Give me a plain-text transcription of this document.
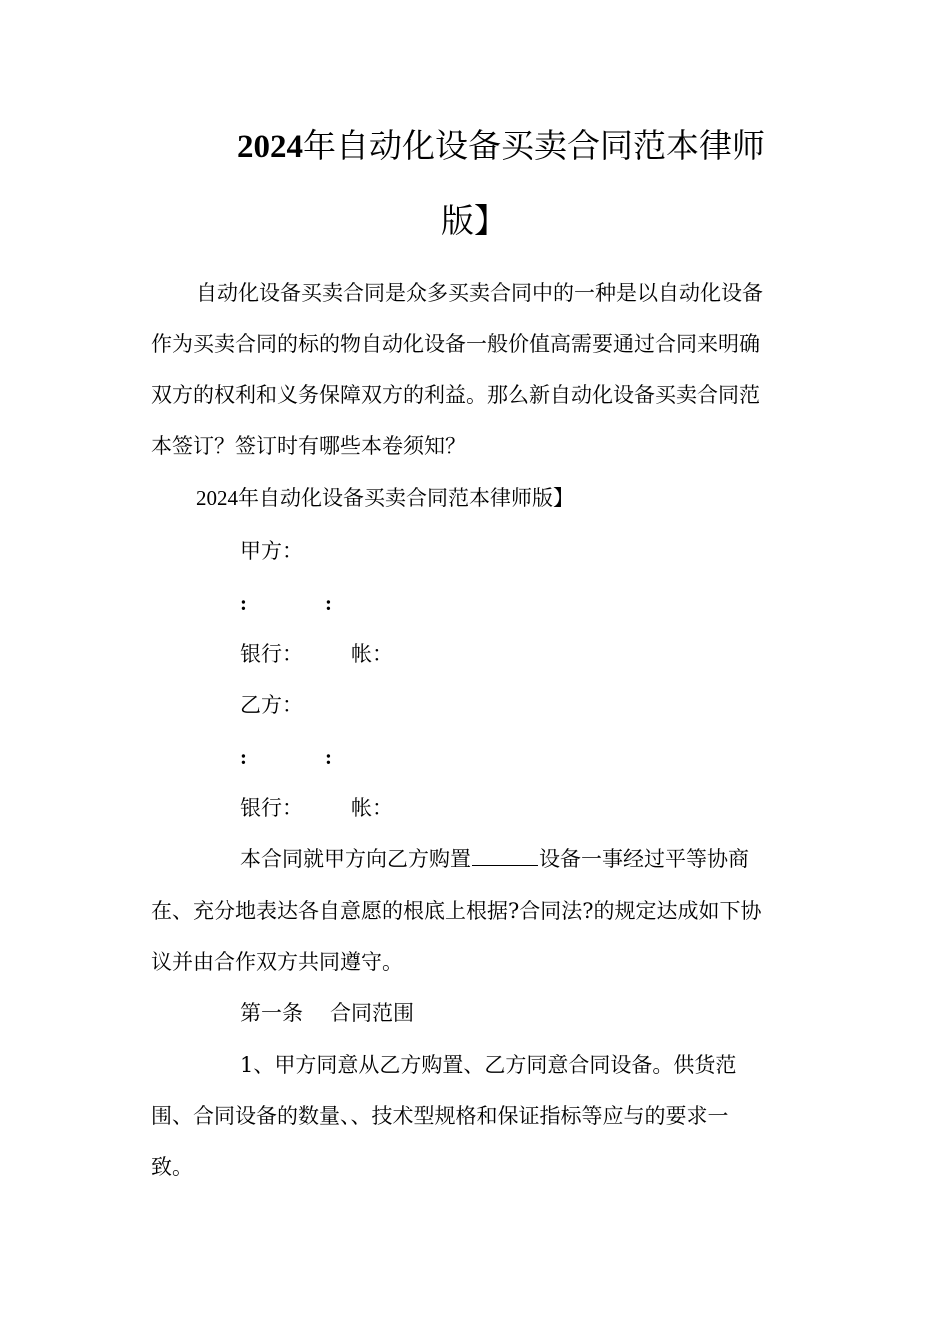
2024年自动化设备买卖合同范本律师
版】
自动化设备买卖合同是众多买卖合同中的一种是以自动化设备
作为买卖合同的标的物自动化设备一般价值高需要通过合同来明确
双方的权利和义务保障双方的利益。那么新自动化设备买卖合同范
本签订？签订时有哪些本卷须知？
2024年自动化设备买卖合同范本律师版】
甲方：
:	:
银行： 帐：
乙方：
:	:
银行： 帐：
本合同就甲方向乙方购置	设备一事经过平等协商
在、充分地表达各自意愿的根底上根据?合同法?的规定达成如下协
议并由合作双方共同遵守。
第一条 合同范围
1、甲方同意从乙方购置、乙方同意合同设备。供货范
围、合同设备的数量、、技术型规格和保证指标等应与的要求一
致。
